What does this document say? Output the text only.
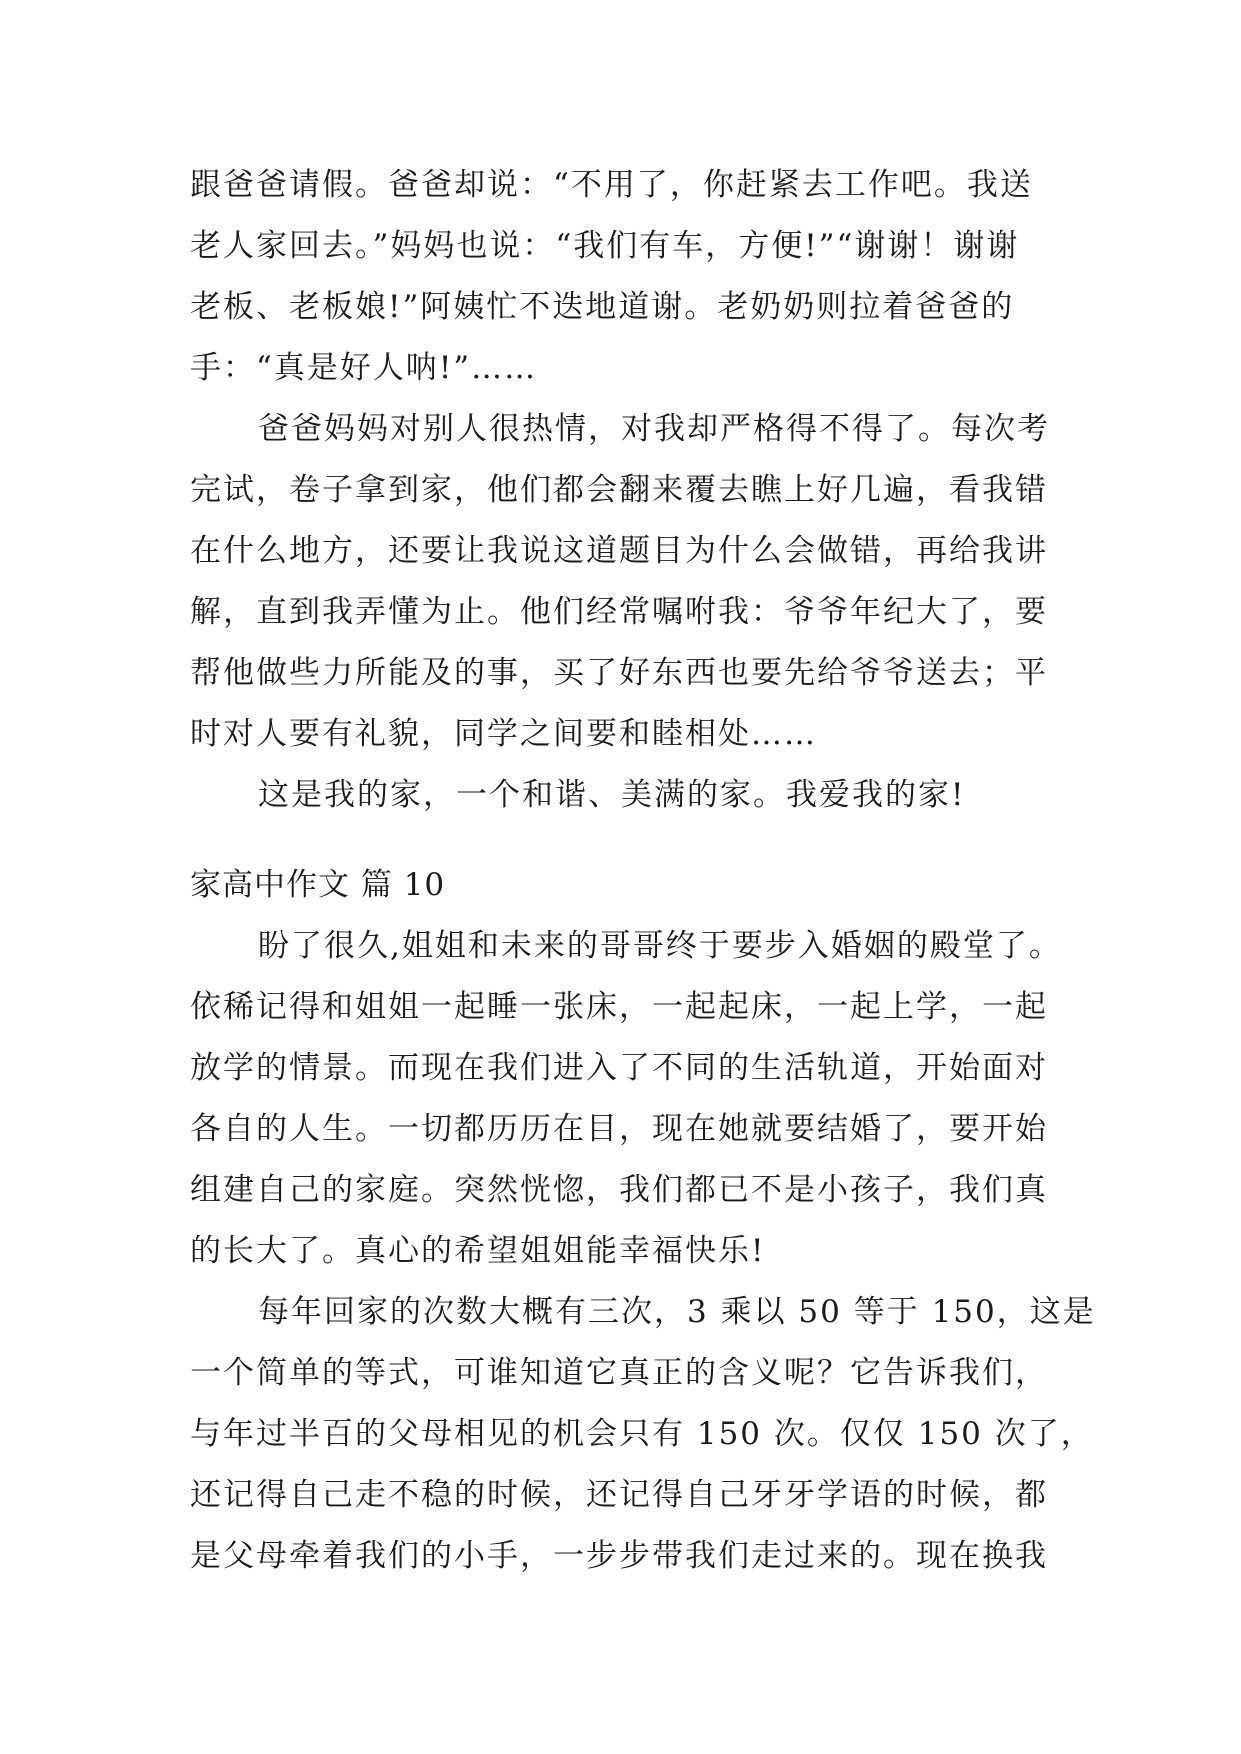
跟爸爸请假。爸爸却说：“不用了，你赶紧去工作吧。我送
老人家回去。”妈妈也说：“我们有车，方便!”“谢谢！谢谢
老板、老板娘!”阿姨忙不迭地道谢。老奶奶则拉着爸爸的
手：“真是好人呐!”……
爸爸妈妈对别人很热情，对我却严格得不得了。每次考
完试，卷子拿到家，他们都会翻来覆去瞧上好几遍，看我错
在什么地方，还要让我说这道题目为什么会做错，再给我讲
解，直到我弄懂为止。他们经常嘱咐我：爷爷年纪大了，要
帮他做些力所能及的事，买了好东西也要先给爷爷送去；平
时对人要有礼貌，同学之间要和睦相处……
这是我的家，一个和谐、美满的家。我爱我的家!
家高中作文 篇 10
盼了很久,姐姐和未来的哥哥终于要步入婚姻的殿堂了。
依稀记得和姐姐一起睡一张床，一起起床，一起上学，一起
放学的情景。而现在我们进入了不同的生活轨道，开始面对
各自的人生。一切都历历在目，现在她就要结婚了，要开始
组建自己的家庭。突然恍惚，我们都已不是小孩子，我们真
的长大了。真心的希望姐姐能幸福快乐!
每年回家的次数大概有三次，3 乘以 50 等于 150，这是
一个简单的等式，可谁知道它真正的含义呢？它告诉我们，
与年过半百的父母相见的机会只有 150 次。仅仅 150 次了，
还记得自己走不稳的时候，还记得自己牙牙学语的时候，都
是父母牵着我们的小手，一步步带我们走过来的。现在换我
